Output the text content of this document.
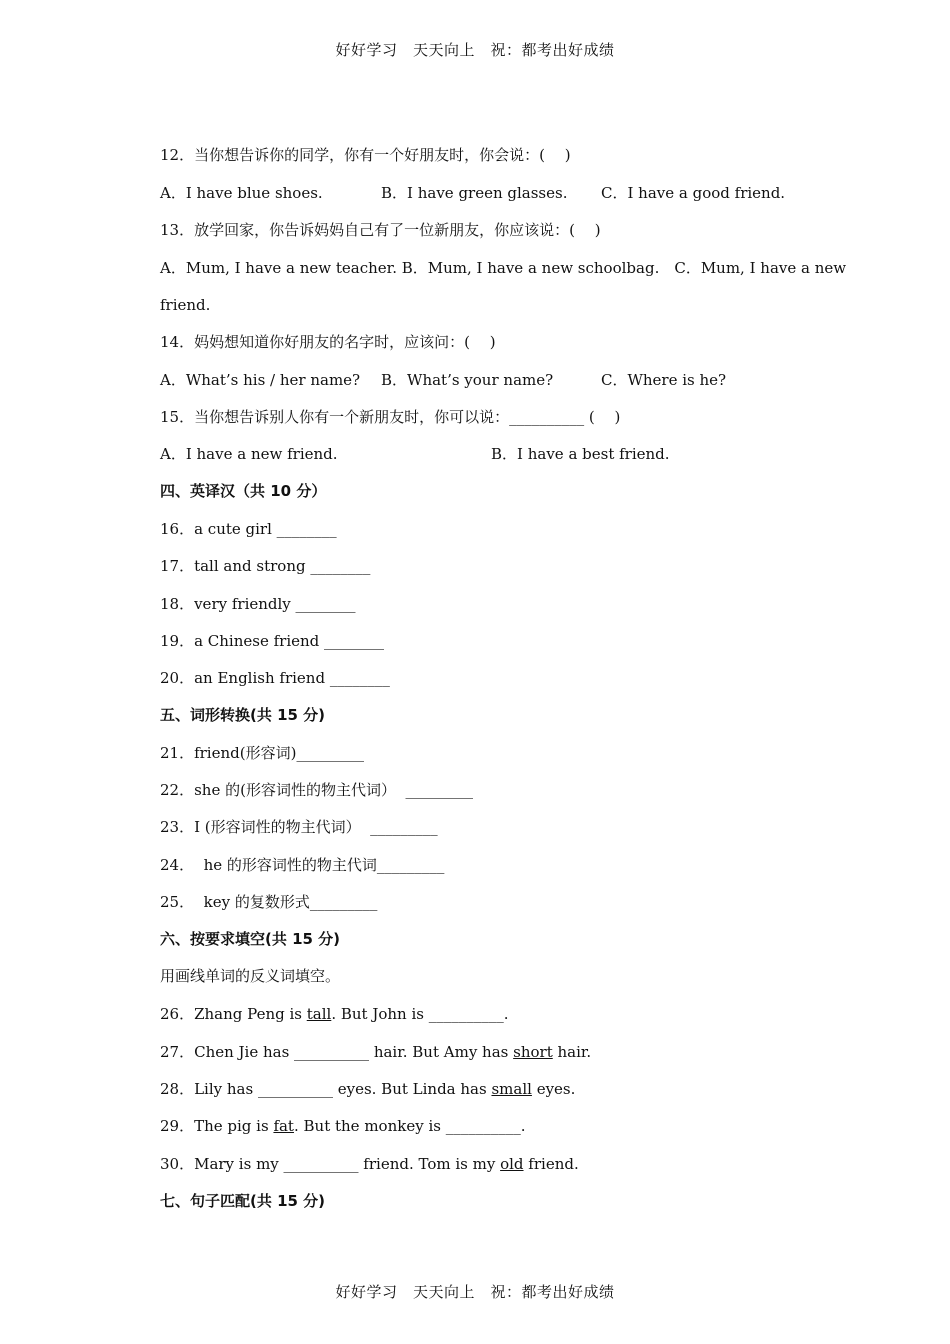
好好学习　天天向上　祝：都考出好成绩
12．当你想告诉你的同学，你有一个好朋友时，你会说：(　 )
A．I have blue shoes.	B．I have green glasses. C．I have a good friend.
13．放学回家，你告诉妈妈自己有了一位新朋友，你应该说：(　 )
A．Mum, I have a new teacher. B．Mum, I have a new schoolbag.　C．Mum, I have a new
friend.
14．妈妈想知道你好朋友的名字时，应该问：(　 )
A．What’s his / her name? B．What’s your name?	C．Where is he?
15．当你想告诉别人你有一个新朋友时，你可以说：__________ (　 )
A．I have a new friend.	B．I have a best friend.
四、英译汉（共 10 分）
16．a cute girl ________
17．tall and strong ________
18．very friendly ________
19．a Chinese friend ________
20．an English friend ________
五、词形转换(共 15 分)
21．friend(形容词)_________
22．she 的(形容词性的物主代词）  _________
23．I (形容词性的物主代词）  _________
24．  he 的形容词性的物主代词_________
25．  key 的复数形式_________
六、按要求填空(共 15 分)
用画线单词的反义词填空。
26．Zhang Peng is tall. But John is __________.
27．Chen Jie has __________ hair. But Amy has short hair.
28．Lily has __________ eyes. But Linda has small eyes.
29．The pig is fat. But the monkey is __________.
30．Mary is my __________ friend. Tom is my old friend.
七、句子匹配(共 15 分)
好好学习　天天向上　祝：都考出好成绩
